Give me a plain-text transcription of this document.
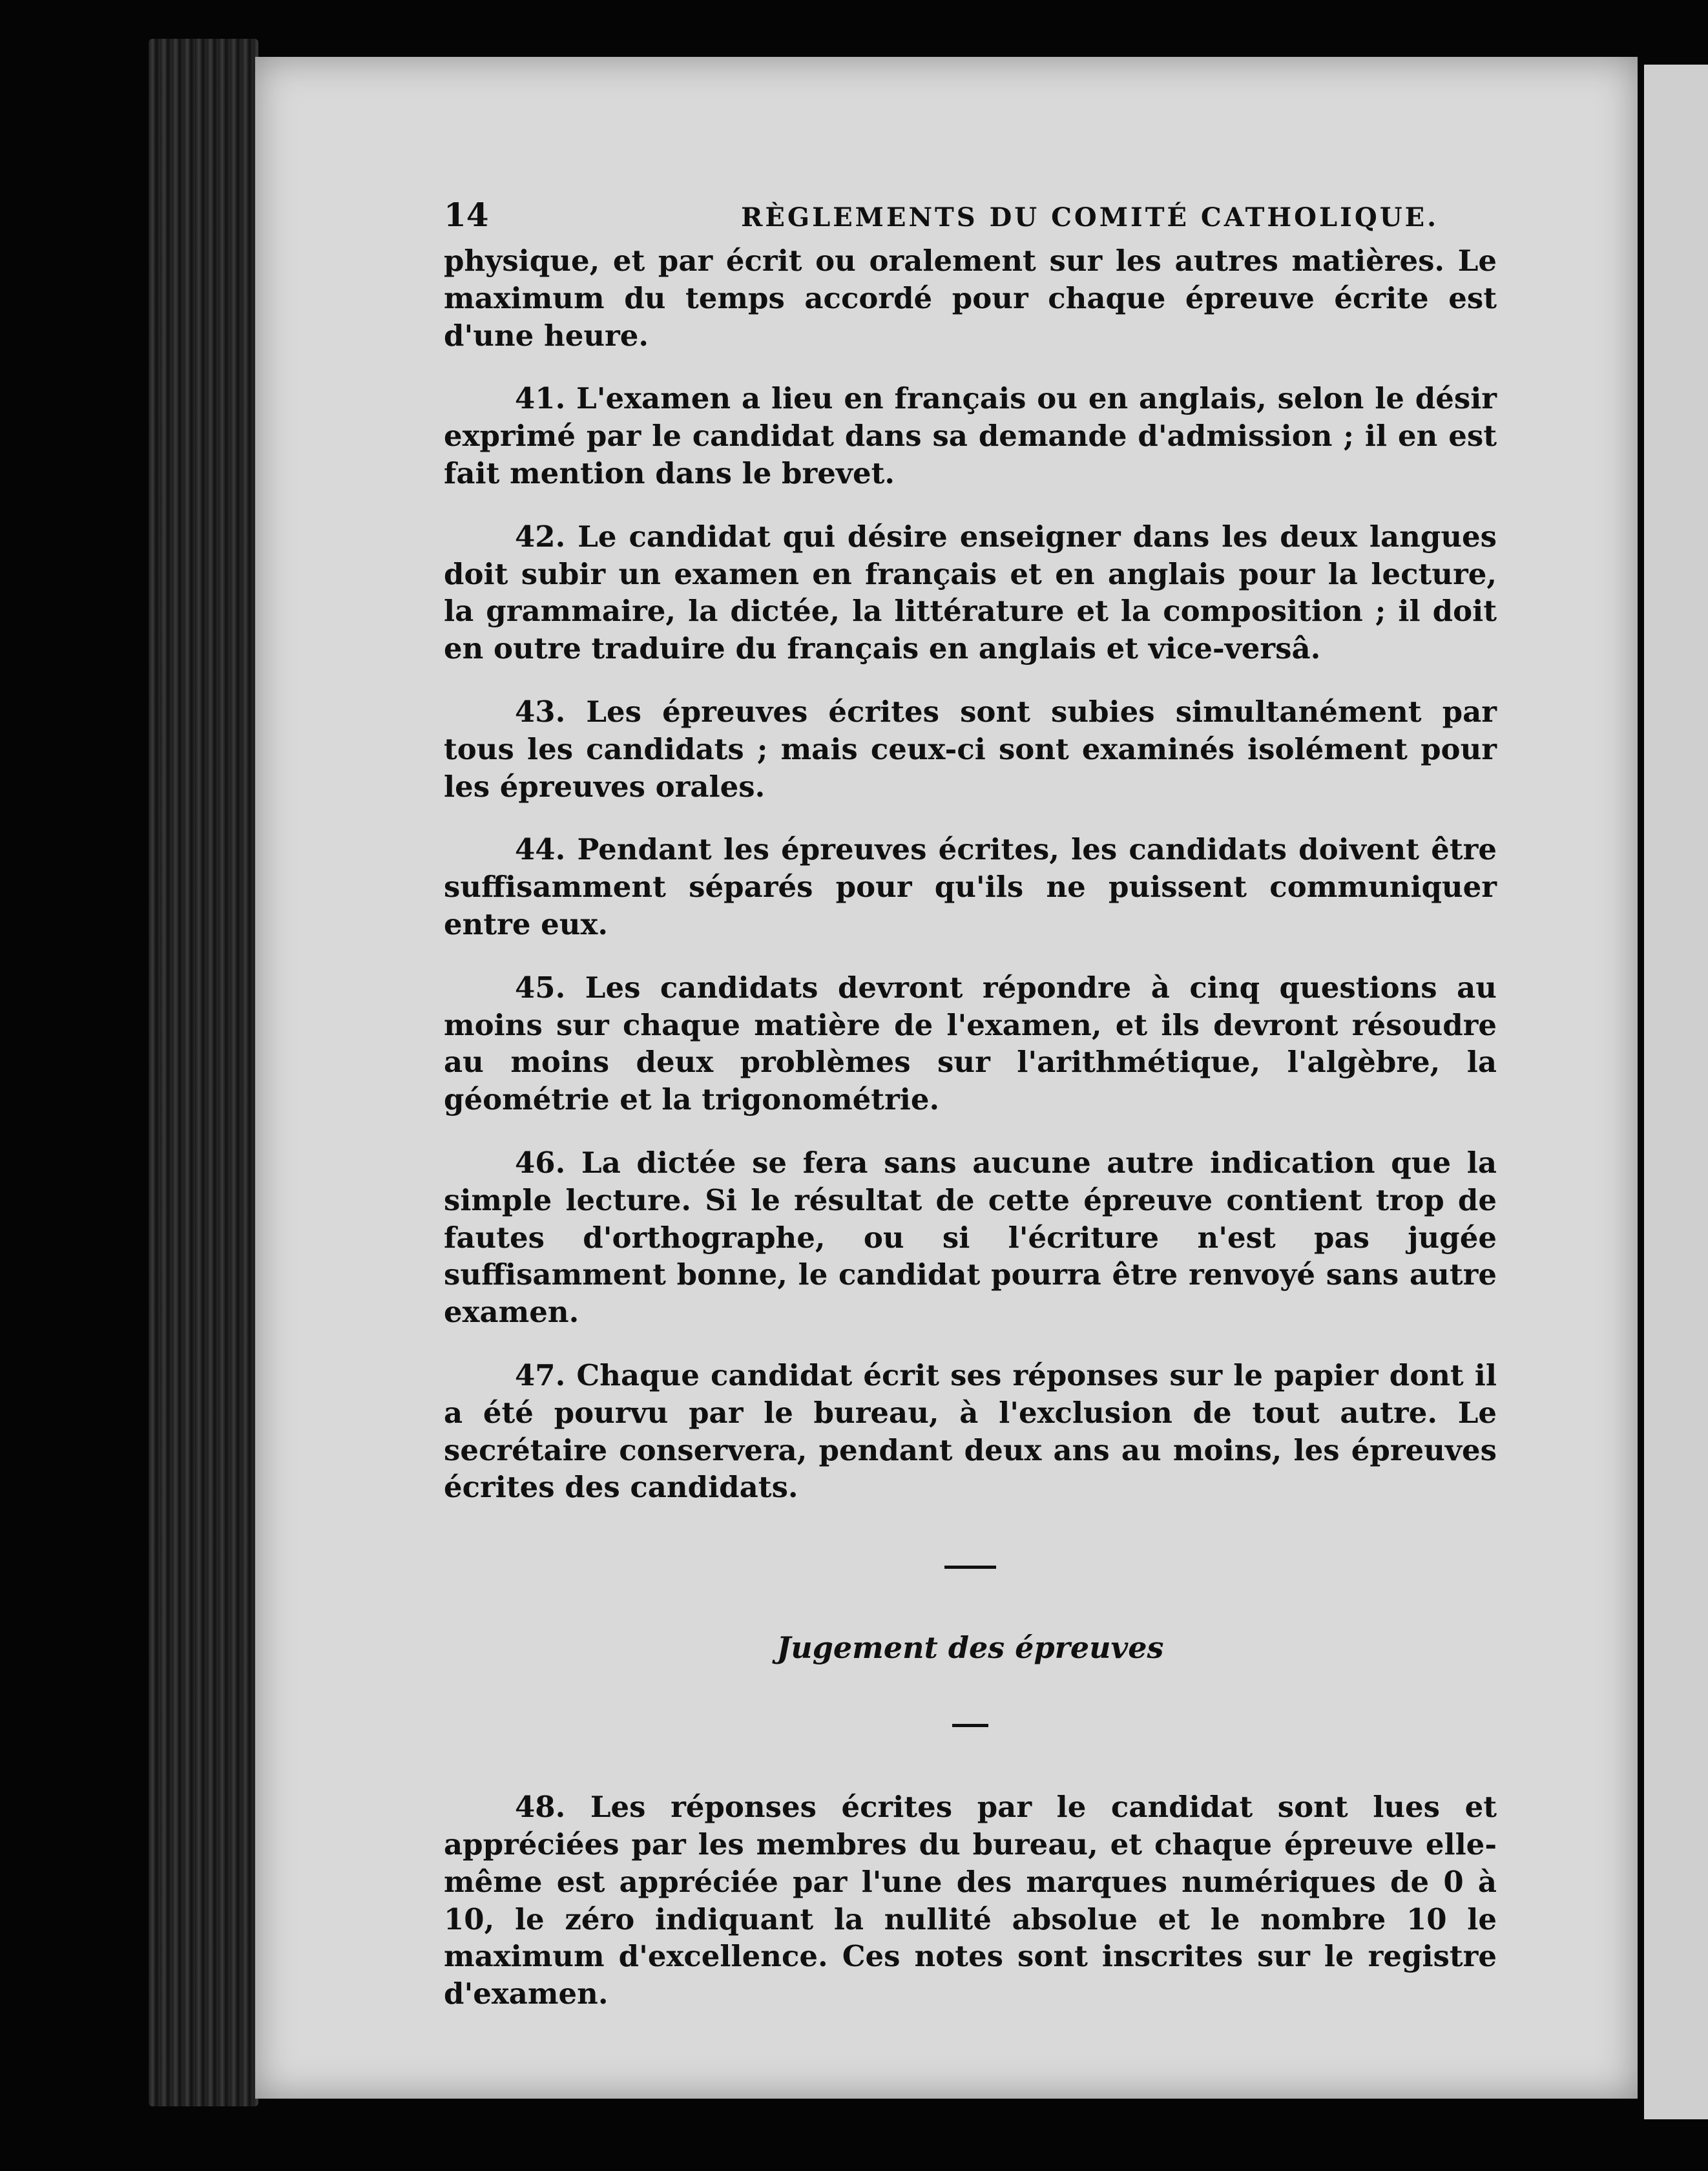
14	RÈGLEMENTS DU COMITÉ CATHOLIQUE.

physique, et par écrit ou oralement sur les autres matières. Le maximum du temps accordé pour chaque épreuve écrite est d'une heure.

41. L'examen a lieu en français ou en anglais, selon le désir exprimé par le candidat dans sa demande d'admission ; il en est fait mention dans le brevet.

42. Le candidat qui désire enseigner dans les deux langues doit subir un examen en français et en anglais pour la lecture, la grammaire, la dictée, la littérature et la composition ; il doit en outre traduire du français en anglais et vice-versâ.

43. Les épreuves écrites sont subies simultanément par tous les candidats ; mais ceux-ci sont examinés isolément pour les épreuves orales.

44. Pendant les épreuves écrites, les candidats doivent être suffisamment séparés pour qu'ils ne puissent communiquer entre eux.

45. Les candidats devront répondre à cinq questions au moins sur chaque matière de l'examen, et ils devront résoudre au moins deux problèmes sur l'arithmétique, l'algèbre, la géométrie et la trigonométrie.

46. La dictée se fera sans aucune autre indication que la simple lecture. Si le résultat de cette épreuve contient trop de fautes d'orthographe, ou si l'écriture n'est pas jugée suffisamment bonne, le candidat pourra être renvoyé sans autre examen.

47. Chaque candidat écrit ses réponses sur le papier dont il a été pourvu par le bureau, à l'exclusion de tout autre. Le secrétaire conservera, pendant deux ans au moins, les épreuves écrites des candidats.

Jugement des épreuves

48. Les réponses écrites par le candidat sont lues et appréciées par les membres du bureau, et chaque épreuve elle-même est appréciée par l'une des marques numériques de 0 à 10, le zéro indiquant la nullité absolue et le nombre 10 le maximum d'excellence. Ces notes sont inscrites sur le registre d'examen.
